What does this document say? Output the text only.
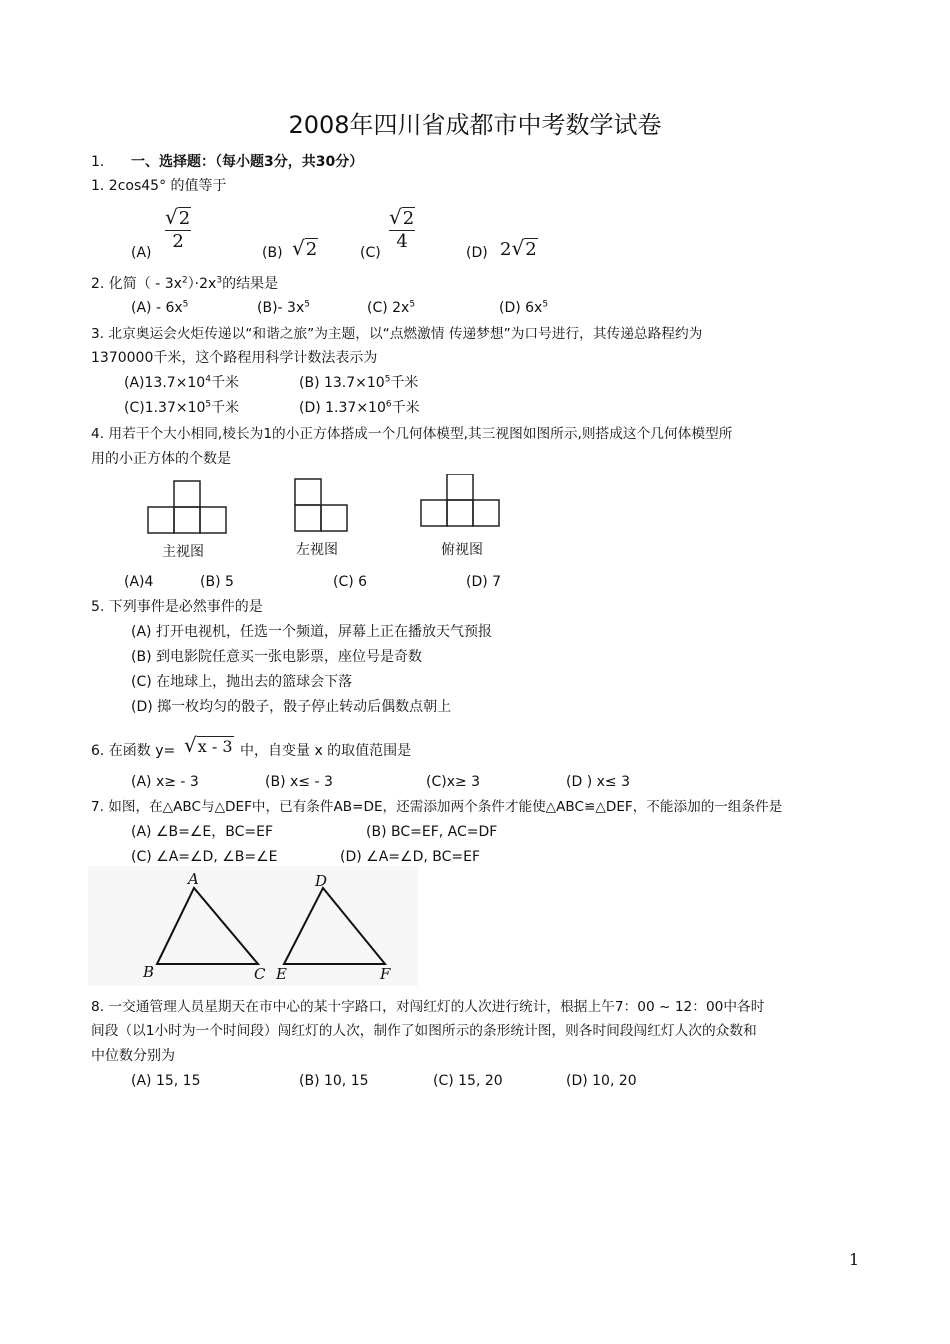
2008年四川省成都市中考数学试卷
1. 一、选择题：（每小题3分，共30分）
1. 2cos45° 的值等于
(A)
√2
2
(B) √2	(C)
√2
4
(D) 2√2
2. 化简（ - $3x^2)\cdot 2x^3$的结果是
$(A) - 6x^5$	(B)- $3x^5$	(C) $2x^5$	(D) $6x^5$
3. 北京奥运会火炬传递以“和谐之旅”为主题，以“点燃激情 传递梦想”为口号进行，其传递总路程约为
1370000千米，这个路程用科学计数法表示为
$(A)13.7\times 10^4$千米	(B) $13.7\times 10^5$千米
$(C)1.37\times 10^5$千米	(D) $1.37\times 10^6$千米
4. 用若干个大小相同,棱长为1的小正方体搭成一个几何体模型,其三视图如图所示,则搭成这个几何体模型所
用的小正方体的个数是
主视图	左视图	俯视图
(A)4	(B) 5	(C) 6	(D) 7
5. 下列事件是必然事件的是
(A) 打开电视机，任选一个频道，屏幕上正在播放天气预报
(B) 到电影院任意买一张电影票，座位号是奇数
(C) 在地球上，抛出去的篮球会下落
(D) 掷一枚均匀的骰子，骰子停止转动后偶数点朝上
6. 在函数 y= √x - 3 中，自变量 x 的取值范围是
(A) x≥ - 3	(B) x≤ - 3	(C)x≥ 3	(D ) x≤ 3
7. 如图，在△ABC与△DEF中，已有条件AB=DE，还需添加两个条件才能使△ABC≌△DEF，不能添加的一组条件是
(A) ∠B=∠E，BC=EF	(B) BC=EF, AC=DF
(C) ∠A=∠D, ∠B=∠E	(D) ∠A=∠D, BC=EF
A
B	C
D
E	F
8. 一交通管理人员星期天在市中心的某十字路口，对闯红灯的人次进行统计，根据上午7：00 ~ 12：00中各时
间段（以1小时为一个时间段）闯红灯的人次，制作了如图所示的条形统计图，则各时间段闯红灯人次的众数和
中位数分别为
(A) 15, 15	(B) 10, 15	(C) 15, 20	(D) 10, 20
1
